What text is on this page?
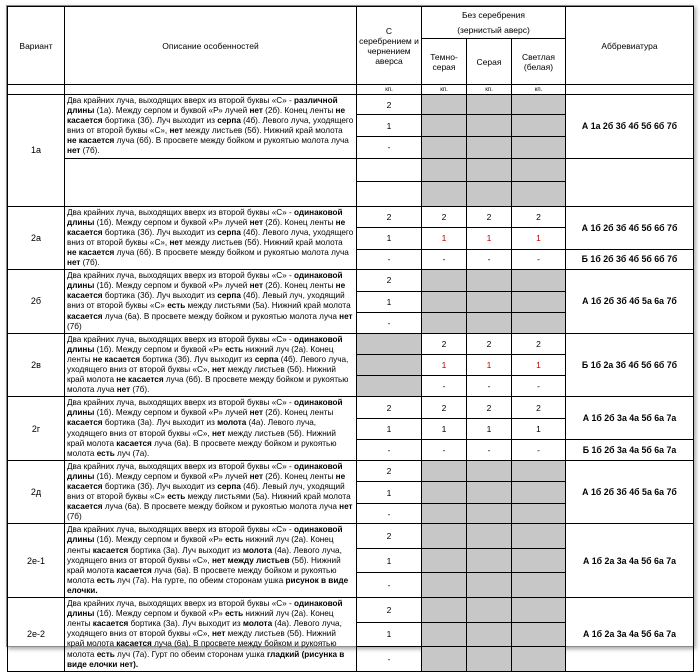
Вариант	Описание особенностей	С серебрением и чернением аверса	Без серебрения			Аббревиатура
			(зернистый аверс)			
			Темно-серая	Серая	Светлая (белая)	
		кп.	кп.	кп.	кп.	
1а	Два крайних луча, выходящих вверх из второй буквы «С» - различной длины (1а). Между серпом и буквой «Р» лучей нет (2б). Конец ленты не касается бортика (3б). Луч выходит из серпа (4б). Левого луча, уходящего вниз от второй буквы «С», нет между листьев (5б). Нижний край молота не касается луча (6б). В просвете между бойком и рукоятью молота луча нет (7б).	2				А 1а 2б 3б 4б 5б 6б 7б
		1				
		-				

2а	Два крайних луча, выходящих вверх из второй буквы «С» - одинаковой длины (1б). Между серпом и буквой «Р» лучей нет (2б). Конец ленты не касается бортика (3б). Луч выходит из серпа (4б). Левого луча, уходящего вниз от второй буквы «С», нет между листьев (5б). Нижний край молота не касается луча (6б). В просвете между бойком и рукоятью молота луча нет (7б).	2	2	2	2	А 1б 2б 3б 4б 5б 6б 7б
		1	1	1	1	
		-	-	-	-	Б 1б 2б 3б 4б 5б 6б 7б
2б	Два крайних луча, выходящих вверх из второй буквы «С» - одинаковой длины (1б). Между серпом и буквой «Р» лучей нет (2б). Конец ленты не касается бортика (3б). Луч выходит из серпа (4б). Левый луч, уходящий вниз от второй буквы «С» есть между листьями (5а). Нижний край молота касается луча (6а). В просвете между бойком и рукоятью молота луча нет (7б)	2				А 1б 2б 3б 4б 5а 6а 7б
		1				
		-				
2в	Два крайних луча, выходящих вверх из второй буквы «С» - одинаковой длины (1б). Между серпом и буквой «Р» есть нижний луч (2а). Конец ленты не касается бортика (3б). Луч выходит из серпа (4б). Левого луча, уходящего вниз от второй буквы «С», нет между листьев (5б). Нижний край молота не касается луча (6б). В просвете между бойком и рукоятью молота луча нет (7б).		2	2	2	Б 1б 2а 3б 4б 5б 6б 7б
			1	1	1	
			-	-	-	
2г	Два крайних луча, выходящих вверх из второй буквы «С» - одинаковой длины (1б). Между серпом и буквой «Р» лучей нет (2б). Конец ленты касается бортика (3а). Луч выходит из молота (4а). Левого луча, уходящего вниз от второй буквы «С», нет между листьев (5б). Нижний край молота касается луча (6а). В просвете между бойком и рукоятью молота есть луч (7а).	2	2	2	2	А 1б 2б 3а 4а 5б 6а 7а
		1	1	1	1	
		-	-	-	-	Б 1б 2б 3а 4а 5б 6а 7а
2д	Два крайних луча, выходящих вверх из второй буквы «С» - одинаковой длины (1б). Между серпом и буквой «Р» лучей нет (2б). Конец ленты не касается бортика (3б). Луч выходит из серпа (4б). Левый луч, уходящий вниз от второй буквы «С» есть между листьями (5а). Нижний край молота касается луча (6а). В просвете между бойком и рукоятью молота луча нет (7б)	2				А 1б 2б 3б 4б 5а 6а 7б
		1				
		-				
2е-1	Два крайних луча, выходящих вверх из второй буквы «С» - одинаковой длины (1б). Между серпом и буквой «Р» есть нижний луч (2а). Конец ленты касается бортика (3а). Луч выходит из молота (4а). Левого луча, уходящего вниз от второй буквы «С», нет между листьев (5б). Нижний край молота касается луча (6а). В просвете между бойком и рукоятью молота есть луч (7а). На гурте, по обеим сторонам ушка рисунок в виде елочки.	2				А 1б 2а 3а 4а 5б 6а 7а
		1				
		-				
2е-2	Два крайних луча, выходящих вверх из второй буквы «С» - одинаковой длины (1б). Между серпом и буквой «Р» есть нижний луч (2а). Конец ленты касается бортика (3а). Луч выходит из молота (4а). Левого луча, уходящего вниз от второй буквы «С», нет между листьев (5б). Нижний край молота касается луча (6а). В просвете между бойком и рукоятью молота есть луч (7а). Гурт по обеим сторонам ушка гладкий (рисунка в виде елочки нет).	2				А 1б 2а 3а 4а 5б 6а 7а
		1				
		-				
